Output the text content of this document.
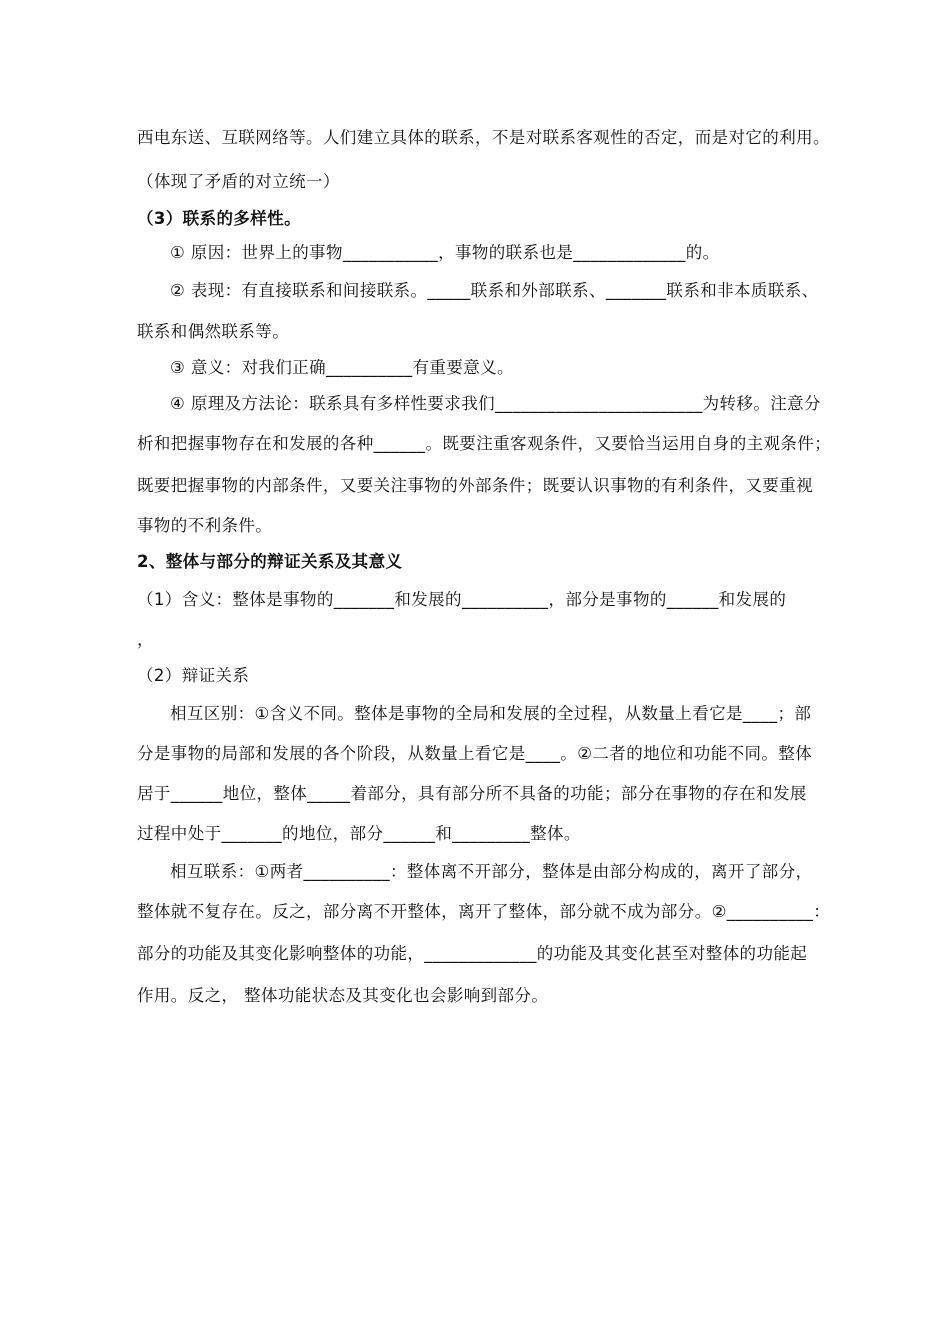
西电东送、互联网络等。人们建立具体的联系，不是对联系客观性的否定，而是对它的利用。
（体现了矛盾的对立统一）
（3）联系的多样性。
① 原因：世界上的事物___________，事物的联系也是_____________的。
② 表现：有直接联系和间接联系。_____联系和外部联系、_______联系和非本质联系、
联系和偶然联系等。
③ 意义：对我们正确__________有重要意义。
④ 原理及方法论：联系具有多样性要求我们________________________为转移。注意分
析和把握事物存在和发展的各种______。既要注重客观条件，又要恰当运用自身的主观条件；
既要把握事物的内部条件，又要关注事物的外部条件；既要认识事物的有利条件，又要重视
事物的不利条件。
2、整体与部分的辩证关系及其意义
（1）含义：整体是事物的_______和发展的__________，部分是事物的______和发展的
，
（2）辩证关系
相互区别：①含义不同。整体是事物的全局和发展的全过程，从数量上看它是____；部
分是事物的局部和发展的各个阶段，从数量上看它是____。②二者的地位和功能不同。整体
居于______地位，整体_____着部分，具有部分所不具备的功能；部分在事物的存在和发展
过程中处于_______的地位，部分______和_________整体。
相互联系：①两者__________：整体离不开部分，整体是由部分构成的，离开了部分，
整体就不复存在。反之，部分离不开整体，离开了整体，部分就不成为部分。②__________：
部分的功能及其变化影响整体的功能，_____________的功能及其变化甚至对整体的功能起
作用。反之， 整体功能状态及其变化也会影响到部分。
